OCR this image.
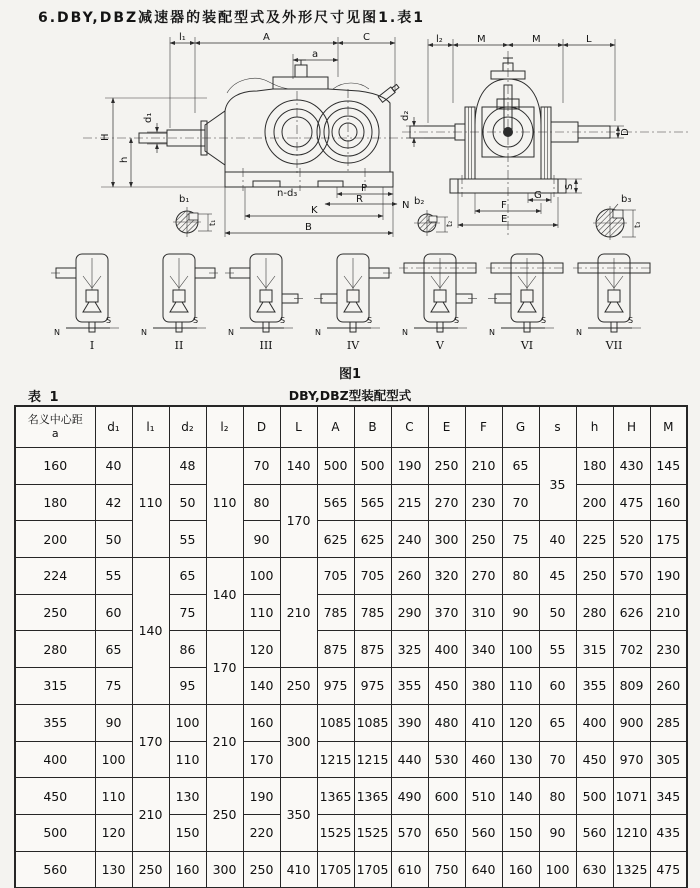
6.DBY,DBZ减速器的装配型式及外形尺寸见图1.表1
l₁	A	C
a
H
h
d₁
n-d₃	P
R
N
K
B
b₁
t₁
l₂	M	M	L
d₂
D
S
G
F
E
b₂
t₂
b₃
t₃
N
S
I
N
S
II
N
S
III
N
S
IV
N
S
V
N
S
VI
N
S
VII
图1
表 1	DBY,DBZ型装配型式
名义中心距
a	d₁	l₁	d₂	l₂	D	L	A	B	C	E	F	G	s	h	H	M
160	40	110	48	110	70	140	500	500	190	250	210	65	35	180	430	145
180	42		50		80	170	565	565	215	270	230	70		200	475	160
200	50		55		90		625	625	240	300	250	75	40	225	520	175
224	55	140	65	140	100	210	705	705	260	320	270	80	45	250	570	190
250	60		75		110		785	785	290	370	310	90	50	280	626	210
280	65		86	170	120		875	875	325	400	340	100	55	315	702	230
315	75		95		140	250	975	975	355	450	380	110	60	355	809	260
355	90	170	100	210	160	300	1085	1085	390	480	410	120	65	400	900	285
400	100		110		170		1215	1215	440	530	460	130	70	450	970	305
450	110	210	130	250	190	350	1365	1365	490	600	510	140	80	500	1071	345
500	120		150		220		1525	1525	570	650	560	150	90	560	1210	435
560	130	250	160	300	250	410	1705	1705	610	750	640	160	100	630	1325	475
